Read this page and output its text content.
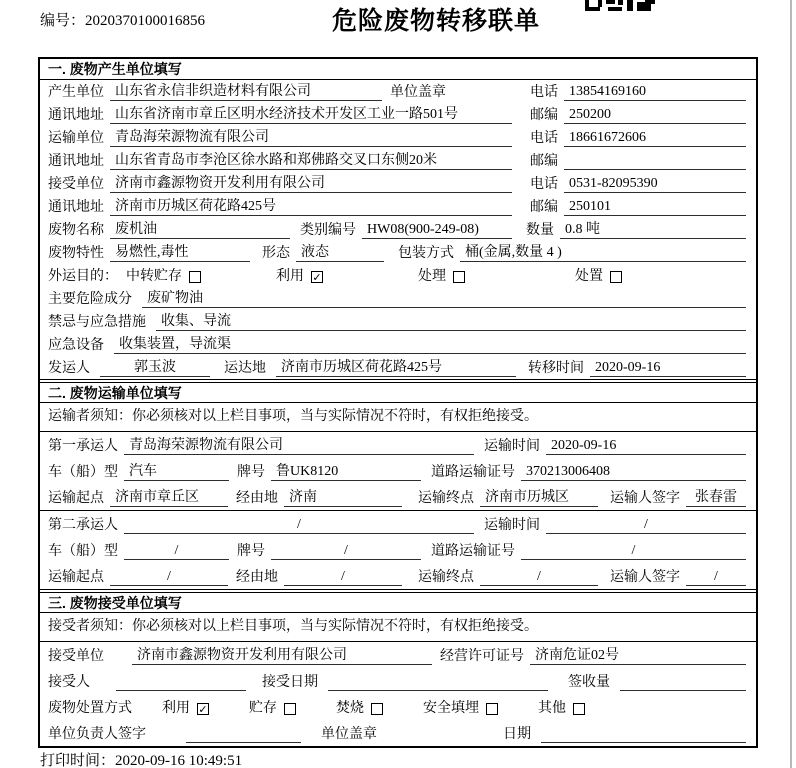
编号：2020370100016856	危险废物转移联单
一. 废物产生单位填写
产生单位 山东省永信非织造材料有限公司	单位盖章	电话 13854169160
通讯地址 山东省济南市章丘区明水经济技术开发区工业一路501号	邮编 250200
运输单位 青岛海荣源物流有限公司	电话 18661672606
通讯地址 山东省青岛市李沧区徐水路和郑佛路交叉口东侧20米	邮编
接受单位 济南市鑫源物资开发利用有限公司	电话 0531-82095390
通讯地址 济南市历城区荷花路425号	邮编 250101
废物名称 废机油	类别编号 HW08(900-249-08)	数量 0.8 吨
废物特性 易燃性,毒性	形态 液态	包装方式 桶(金属,数量 4 )
外运目的： 中转贮存	利用 ✓	处理	处置
主要危险成分	废矿物油
禁忌与应急措施	收集、导流
应急设备	收集装置，导流渠
发运人	郭玉波	运达地	济南市历城区荷花路425号	转移时间 2020-09-16
二. 废物运输单位填写
运输者须知：你必须核对以上栏目事项，当与实际情况不符时，有权拒绝接受。
第一承运人 青岛海荣源物流有限公司	运输时间 2020-09-16
车（船）型 汽车	牌号 鲁UK8120	道路运输证号 370213006408
运输起点 济南市章丘区	经由地 济南	运输终点 济南市历城区	运输人签字	张春雷
第二承运人	/	运输时间	/
车（船）型	/	牌号	/	道路运输证号	/
运输起点	/	经由地	/	运输终点	/	运输人签字	/
三. 废物接受单位填写
接受者须知：你必须核对以上栏目事项，当与实际情况不符时，有权拒绝接受。
接受单位	济南市鑫源物资开发利用有限公司	经营许可证号 济南危证02号
接受人	接受日期	签收量
废物处置方式 利用 ✓	贮存	焚烧	安全填埋	其他
单位负责人签字	单位盖章	日期
打印时间：2020-09-16 10:49:51
